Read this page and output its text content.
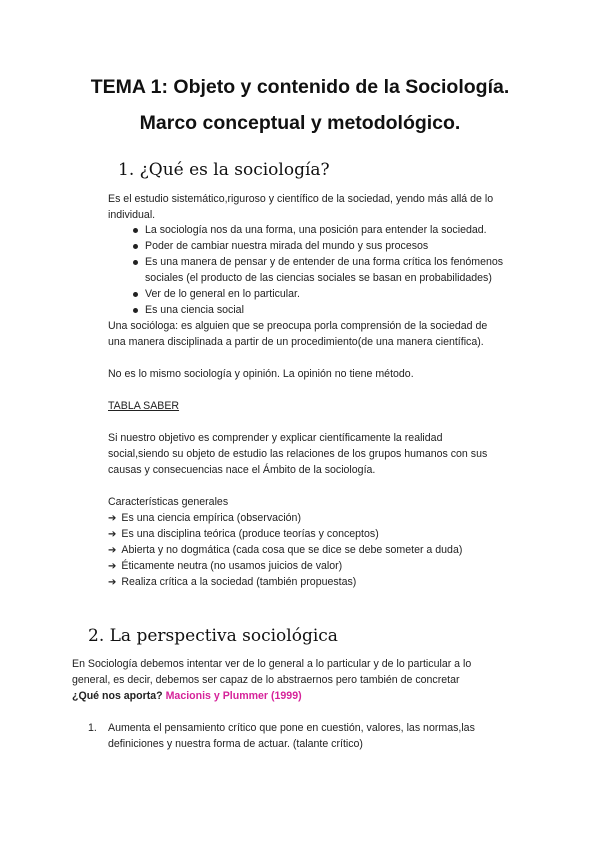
TEMA 1: Objeto y contenido de la Sociología.
Marco conceptual y metodológico.
1. ¿Qué es la sociología?
Es el estudio sistemático,riguroso y científico de la sociedad, yendo más allá de lo
individual.
La sociología nos da una forma, una posición para entender la sociedad.
Poder de cambiar nuestra mirada del mundo y sus procesos
Es una manera de pensar y de entender de una forma crítica los fenómenos
sociales (el producto de las ciencias sociales se basan en probabilidades)
Ver de lo general en lo particular.
Es una ciencia social
Una socióloga: es alguien que se preocupa porla comprensión de la sociedad de
una manera disciplinada a partir de un procedimiento(de una manera científica).
No es lo mismo sociología y opinión. La opinión no tiene método.
TABLA SABER
Si nuestro objetivo es comprender y explicar científicamente la realidad
social,siendo su objeto de estudio las relaciones de los grupos humanos con sus
causas y consecuencias nace el Ámbito de la sociología.
Características generales
➔ Es una ciencia empírica (observación)
➔ Es una disciplina teórica (produce teorías y conceptos)
➔ Abierta y no dogmática (cada cosa que se dice se debe someter a duda)
➔ Éticamente neutra (no usamos juicios de valor)
➔ Realiza crítica a la sociedad (también propuestas)
2. La perspectiva sociológica
En Sociología debemos intentar ver de lo general a lo particular y de lo particular a lo
general, es decir, debemos ser capaz de lo abstraernos pero también de concretar
¿Qué nos aporta? Macionis y Plummer (1999)
1. Aumenta el pensamiento crítico que pone en cuestión, valores, las normas,las
definiciones y nuestra forma de actuar. (talante crítico)
